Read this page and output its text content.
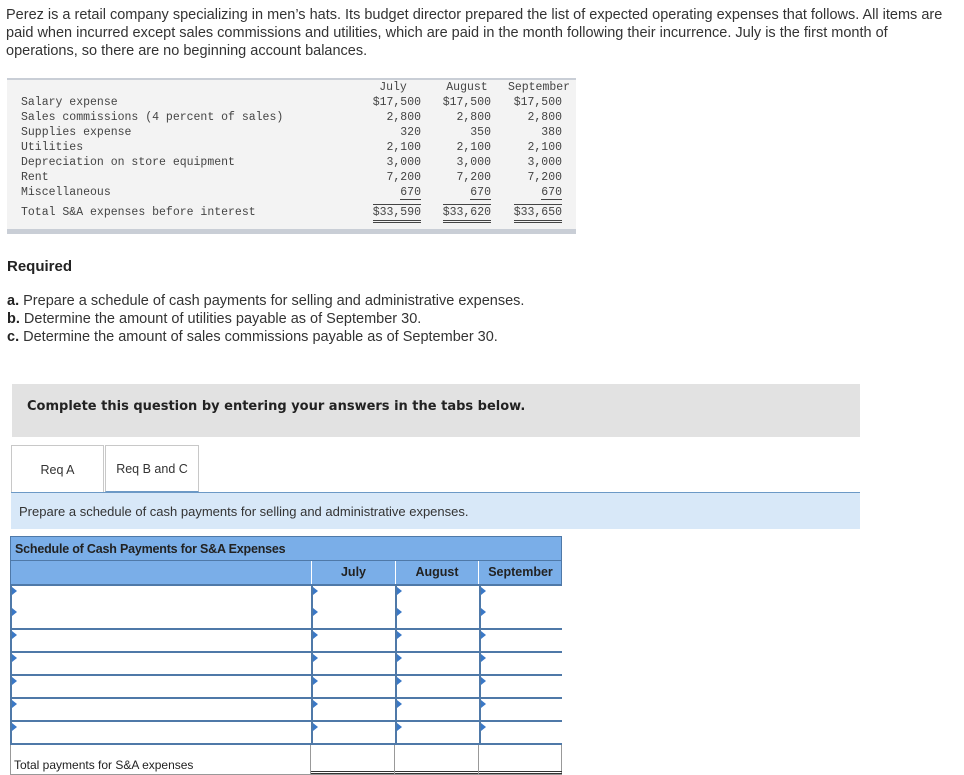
Perez is a retail company specializing in men’s hats. Its budget director prepared the list of expected operating expenses that follows. All items are paid when incurred except sales commissions and utilities, which are paid in the month following their incurrence. July is the first month of operations, so there are no beginning account balances.
July	August	September
Salary expense	$17,500	$17,500	$17,500
Sales commissions (4 percent of sales)	2,800	2,800	2,800
Supplies expense	320	350	380
Utilities	2,100	2,100	2,100
Depreciation on store equipment	3,000	3,000	3,000
Rent	7,200	7,200	7,200
Miscellaneous	670	670	670
Total S&A expenses before interest	$33,590	$33,620	$33,650
Required
a. Prepare a schedule of cash payments for selling and administrative expenses.
b. Determine the amount of utilities payable as of September 30.
c. Determine the amount of sales commissions payable as of September 30.
Complete this question by entering your answers in the tabs below.
Req A	Req B and C
Prepare a schedule of cash payments for selling and administrative expenses.
Schedule of Cash Payments for S&A Expenses
July	August	September
Total payments for S&A expenses
